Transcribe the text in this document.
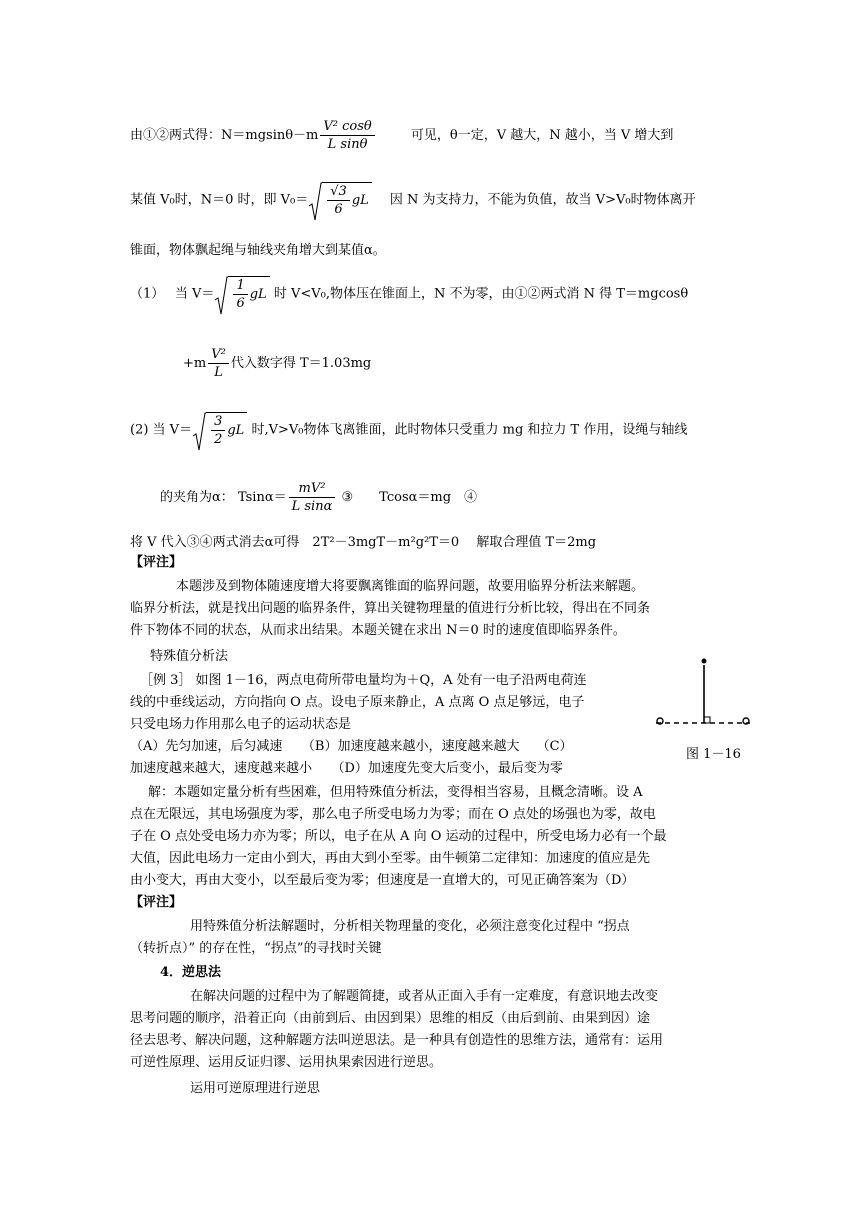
由①②两式得：$N=mgsin\theta-m \frac{\text{V² cosθ}}{\text{L sinθ}}$	可见，θ一定，V 越大，N 越小，当 V 增大到
某值 V₀时，N＝0 时，即 $V_0= \frac{√3}{6}$ gL 因 N 为支持力，不能为负值，故当 V>V₀时物体离开
锥面，物体飘起绳与轴线夹角增大到某值α。
（1）　 当 $V= \frac{1}{6}$ gL 时 V<V₀,物体压在锥面上，N 不为零，由①②两式消 N 得 T＝mgcosθ
$+m \frac{\text{V²}}{L}$ 代入数字得 T＝1.03mg
(2) 当 $V= \frac{3}{2}$ gL 时,V>V₀物体飞离锥面，此时物体只受重力 mg 和拉力 T 作用，设绳与轴线
的夹角为α： $Tsin\alpha= \frac{\text{mV²}}{\text{L sinα}}$ ③　　Tcosα＝mg　④
将 V 代入③④两式消去α可得　2T²－3mgT－m²g²T＝0　 解取合理值 T＝2mg
【评注】
本题涉及到物体随速度增大将要飘离锥面的临界问题，故要用临界分析法来解题。
临界分析法，就是找出问题的临界条件，算出关键物理量的值进行分析比较，得出在不同条
件下物体不同的状态，从而求出结果。本题关键在求出 N＝0 时的速度值即临界条件。
特殊值分析法
［例 3］ 如图 1－16，两点电荷所带电量均为＋Q，A 处有一电子沿两电荷连
线的中垂线运动，方向指向 O 点。设电子原来静止，A 点离 O 点足够远，电子
只受电场力作用那么电子的运动状态是
（A）先匀加速，后匀减速　　（B）加速度越来越小，速度越来越大　 （C）
加速度越来越大，速度越来越小　　（D）加速度先变大后变小，最后变为零
图 1－16
解：本题如定量分析有些困难，但用特殊值分析法，变得相当容易，且概念清晰。设 A
点在无限远，其电场强度为零，那么电子所受电场力为零；而在 O 点处的场强也为零，故电
子在 O 点处受电场力亦为零；所以，电子在从 A 向 O 运动的过程中，所受电场力必有一个最
大值，因此电场力一定由小到大，再由大到小至零。由牛顿第二定律知：加速度的值应是先
由小变大，再由大变小，以至最后变为零；但速度是一直增大的，可见正确答案为（D）
【评注】
用特殊值分析法解题时，分析相关物理量的变化，必须注意变化过程中 “拐点
（转折点）” 的存在性，“拐点”的寻找时关键
4．逆思法
在解决问题的过程中为了解题简捷，或者从正面入手有一定难度，有意识地去改变
思考问题的顺序，沿着正向（由前到后、由因到果）思维的相反（由后到前、由果到因）途
径去思考、解决问题，这种解题方法叫逆思法。是一种具有创造性的思维方法，通常有：运用
可逆性原理、运用反证归谬、运用执果索因进行逆思。
运用可逆原理进行逆思
